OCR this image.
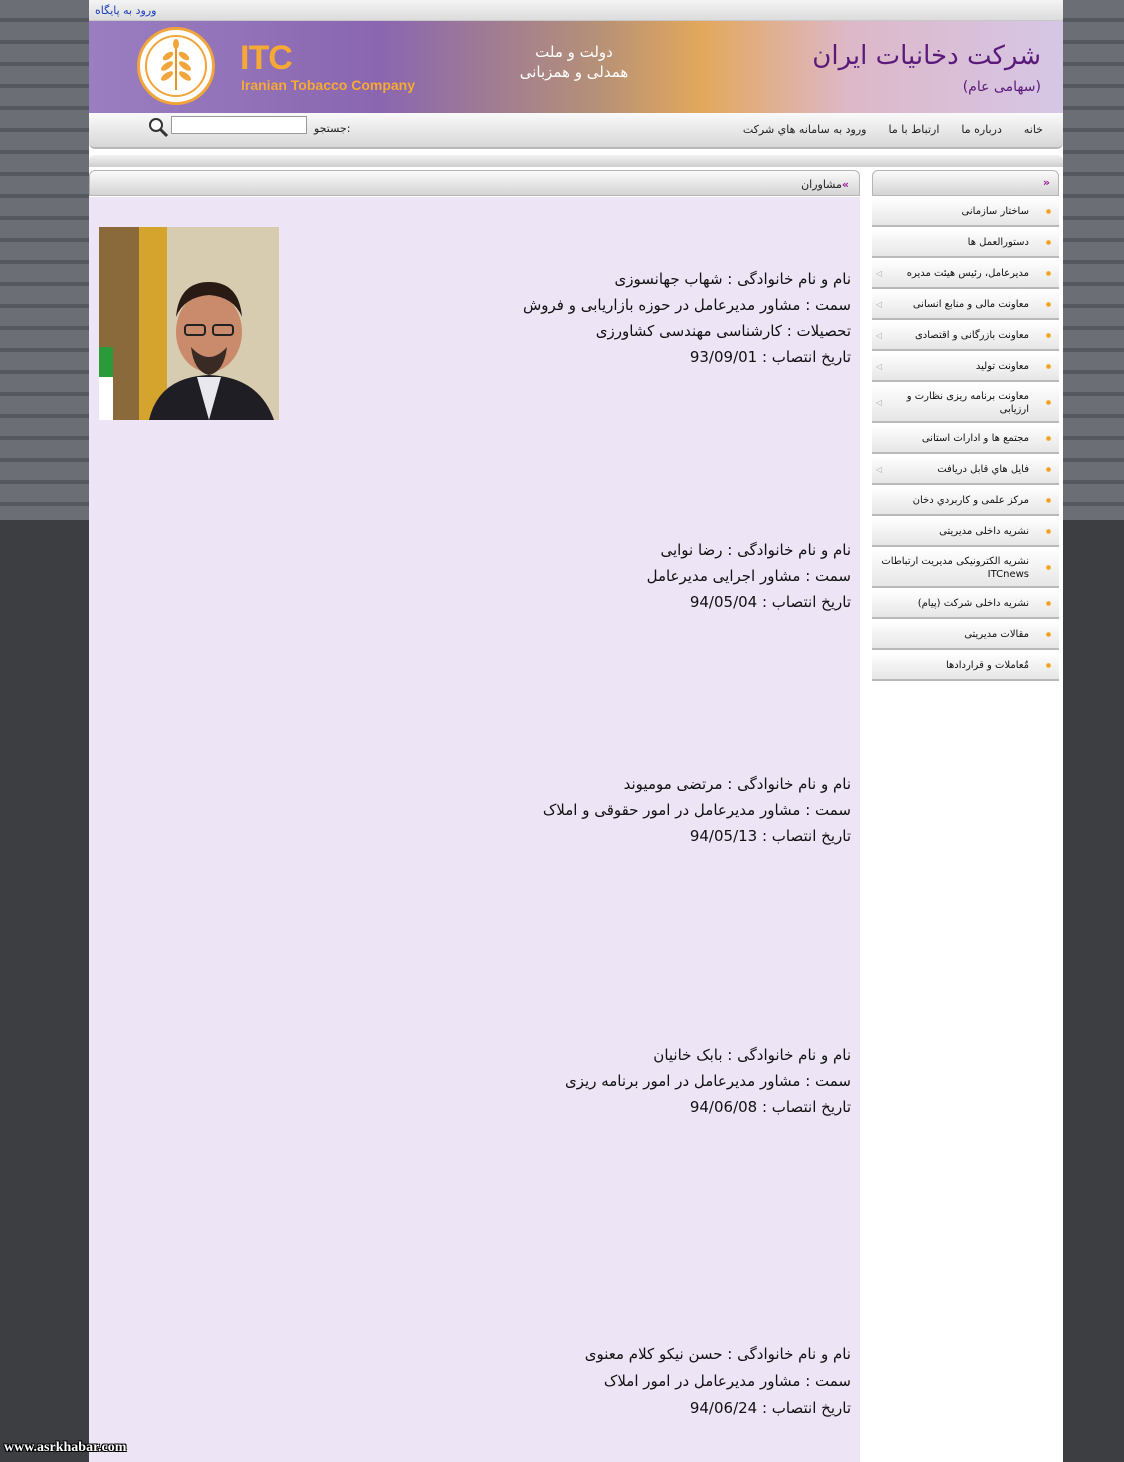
ورود به پایگاه
ITC
Iranian Tobacco Company
دولت و ملت
همدلی و همزبانی
شرکت دخانیات ایران
(سهامی عام)
خانه
درباره ما
ارتباط با ما
ورود به سامانه هاي شرکت
جستجو:
»مشاوران
نام و نام خانوادگی : شهاب جهانسوزی
سمت : مشاور مدیرعامل در حوزه بازاریابی و فروش
تحصیلات : کارشناسی مهندسی کشاورزی
تاریخ انتصاب : 93/09/01
نام و نام خانوادگی : رضا نوایی
سمت : مشاور اجرایی مدیرعامل
تاریخ انتصاب : 94/05/04
نام و نام خانوادگی : مرتضی مومیوند
سمت : مشاور مدیرعامل در امور حقوقی و املاک
تاریخ انتصاب : 94/05/13
نام و نام خانوادگی : بابک خانیان
سمت : مشاور مدیرعامل در امور برنامه ریزی
تاریخ انتصاب : 94/06/08
نام و نام خانوادگی : حسن نیکو کلام معنوی
سمت : مشاور مدیرعامل در امور املاک
تاریخ انتصاب : 94/06/24
»
ساختار سازمانی
دستورالعمل ها
مدیرعامل، رئیس هیئت مدیره
◁
معاونت مالی و منابع انسانی
◁
معاونت بازرگانی و اقتصادی
◁
معاونت تولید
◁
معاونت برنامه ریزی نظارت و ارزیابی
◁
مجتمع ها و ادارات استانی
فایل هاي قابل دریافت
◁
مرکز علمی و کاربردي دخان
نشریه داخلی مدیریتی
نشریه الکترونیکی مدیریت ارتباطات ITCnews
نشریه داخلی شرکت (پیام)
مقالات مدیریتی
مٌعاملات و قراردادها
www.asrkhabar.com
